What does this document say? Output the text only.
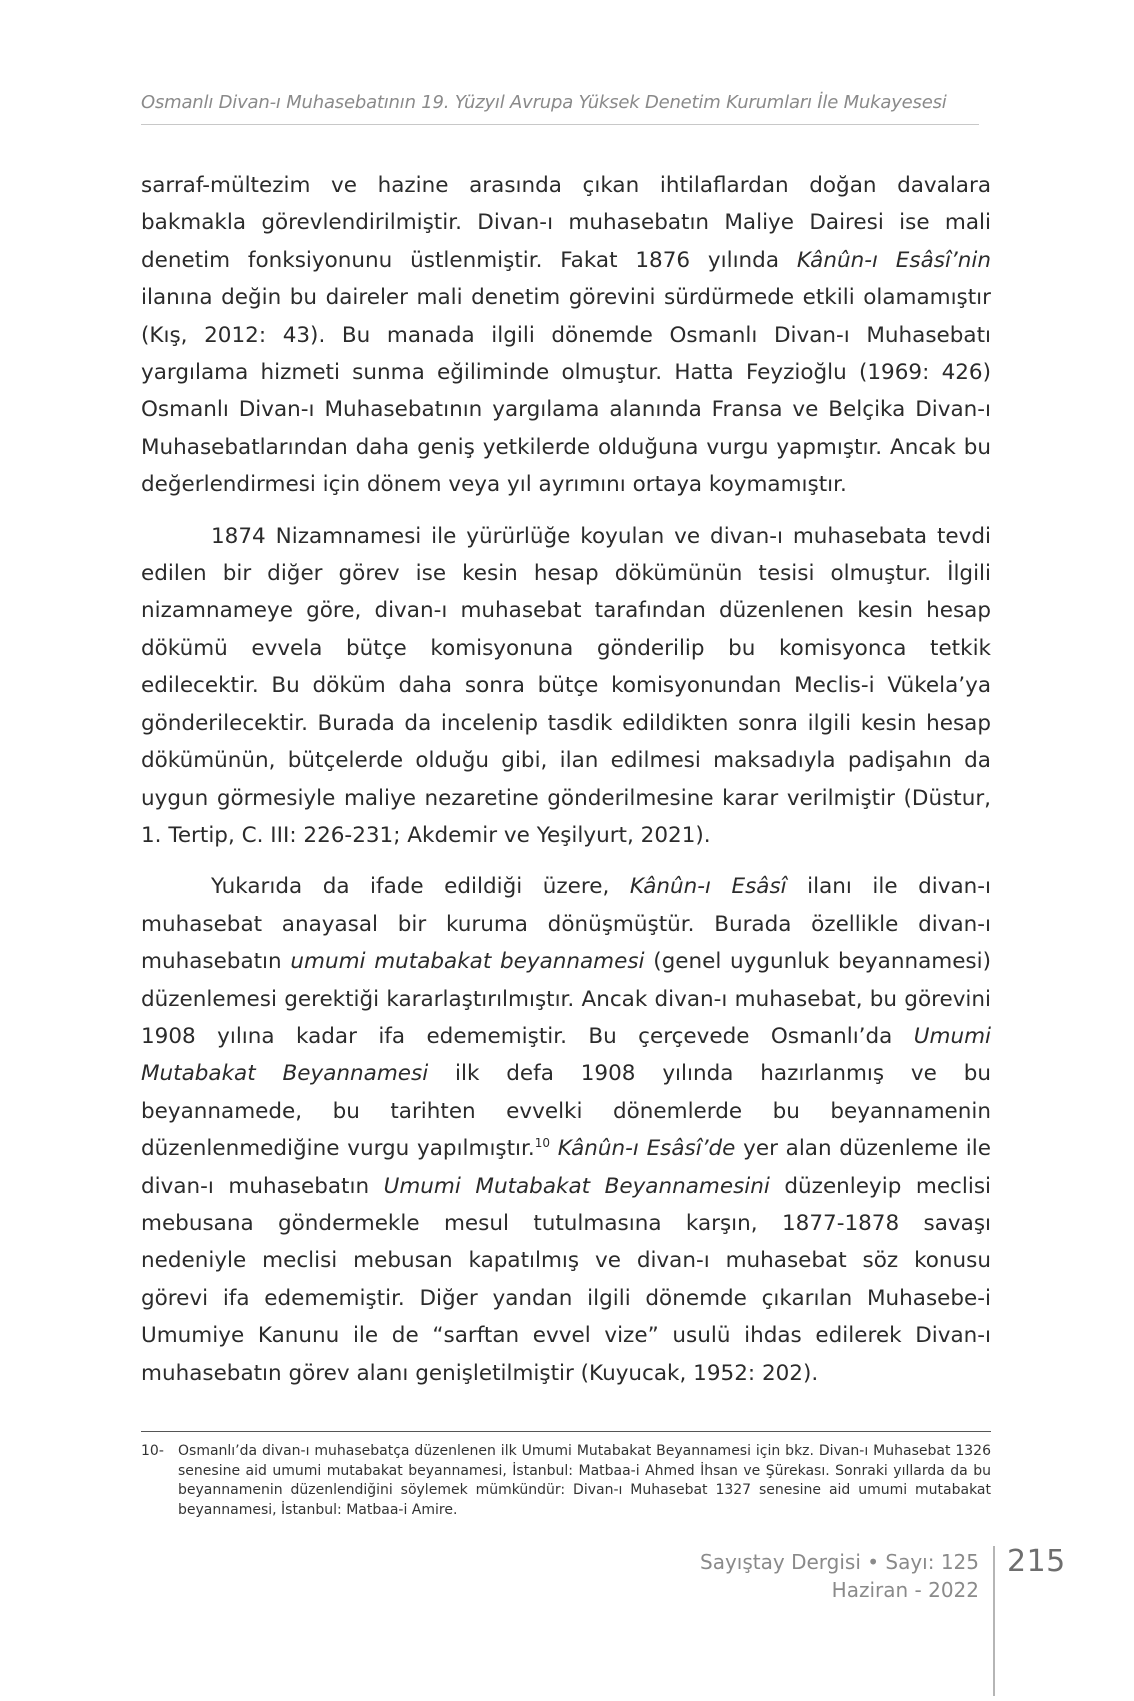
Osmanlı Divan-ı Muhasebatının 19. Yüzyıl Avrupa Yüksek Denetim Kurumları İle Mukayesesi

sarraf-mültezim ve hazine arasında çıkan ihtilaflardan doğan davalara bakmakla görevlendirilmiştir. Divan-ı muhasebatın Maliye Dairesi ise mali denetim fonksiyonunu üstlenmiştir. Fakat 1876 yılında Kânûn-ı Esâsî’nin ilanına değin bu daireler mali denetim görevini sürdürmede etkili olamamıştır (Kış, 2012: 43). Bu manada ilgili dönemde Osmanlı Divan-ı Muhasebatı yargılama hizmeti sunma eğiliminde olmuştur. Hatta Feyzioğlu (1969: 426) Osmanlı Divan-ı Muhasebatının yargılama alanında Fransa ve Belçika Divan-ı Muhasebatlarından daha geniş yetkilerde olduğuna vurgu yapmıştır. Ancak bu değerlendirmesi için dönem veya yıl ayrımını ortaya koymamıştır.

1874 Nizamnamesi ile yürürlüğe koyulan ve divan-ı muhasebata tevdi edilen bir diğer görev ise kesin hesap dökümünün tesisi olmuştur. İlgili nizamnameye göre, divan-ı muhasebat tarafından düzenlenen kesin hesap dökümü evvela bütçe komisyonuna gönderilip bu komisyonca tetkik edilecektir. Bu döküm daha sonra bütçe komisyonundan Meclis-i Vükela’ya gönderilecektir. Burada da incelenip tasdik edildikten sonra ilgili kesin hesap dökümünün, bütçelerde olduğu gibi, ilan edilmesi maksadıyla padişahın da uygun görmesiyle maliye nezaretine gönderilmesine karar verilmiştir (Düstur, 1. Tertip, C. III: 226-231; Akdemir ve Yeşilyurt, 2021).

Yukarıda da ifade edildiği üzere, Kânûn-ı Esâsî ilanı ile divan-ı muhasebat anayasal bir kuruma dönüşmüştür. Burada özellikle divan-ı muhasebatın umumi mutabakat beyannamesi (genel uygunluk beyannamesi) düzenlemesi gerektiği kararlaştırılmıştır. Ancak divan-ı muhasebat, bu görevini 1908 yılına kadar ifa edememiştir. Bu çerçevede Osmanlı’da Umumi Mutabakat Beyannamesi ilk defa 1908 yılında hazırlanmış ve bu beyannamede, bu tarihten evvelki dönemlerde bu beyannamenin düzenlenmediğine vurgu yapılmıştır.$^{10}$ Kânûn-ı Esâsî’de yer alan düzenleme ile divan-ı muhasebatın Umumi Mutabakat Beyannamesini düzenleyip meclisi mebusana göndermekle mesul tutulmasına karşın, 1877-1878 savaşı nedeniyle meclisi mebusan kapatılmış ve divan-ı muhasebat söz konusu görevi ifa edememiştir. Diğer yandan ilgili dönemde çıkarılan Muhasebe-i Umumiye Kanunu ile de “sarftan evvel vize” usulü ihdas edilerek Divan-ı muhasebatın görev alanı genişletilmiştir (Kuyucak, 1952: 202).

10-	Osmanlı’da divan-ı muhasebatça düzenlenen ilk Umumi Mutabakat Beyannamesi için bkz. Divan-ı Muhasebat 1326 senesine aid umumi mutabakat beyannamesi, İstanbul: Matbaa-i Ahmed İhsan ve Şürekası. Sonraki yıllarda da bu beyannamenin düzenlendiğini söylemek mümkündür: Divan-ı Muhasebat 1327 senesine aid umumi mutabakat beyannamesi, İstanbul: Matbaa-i Amire.
Sayıştay Dergisi • Sayı: 125
Haziran - 2022
215
